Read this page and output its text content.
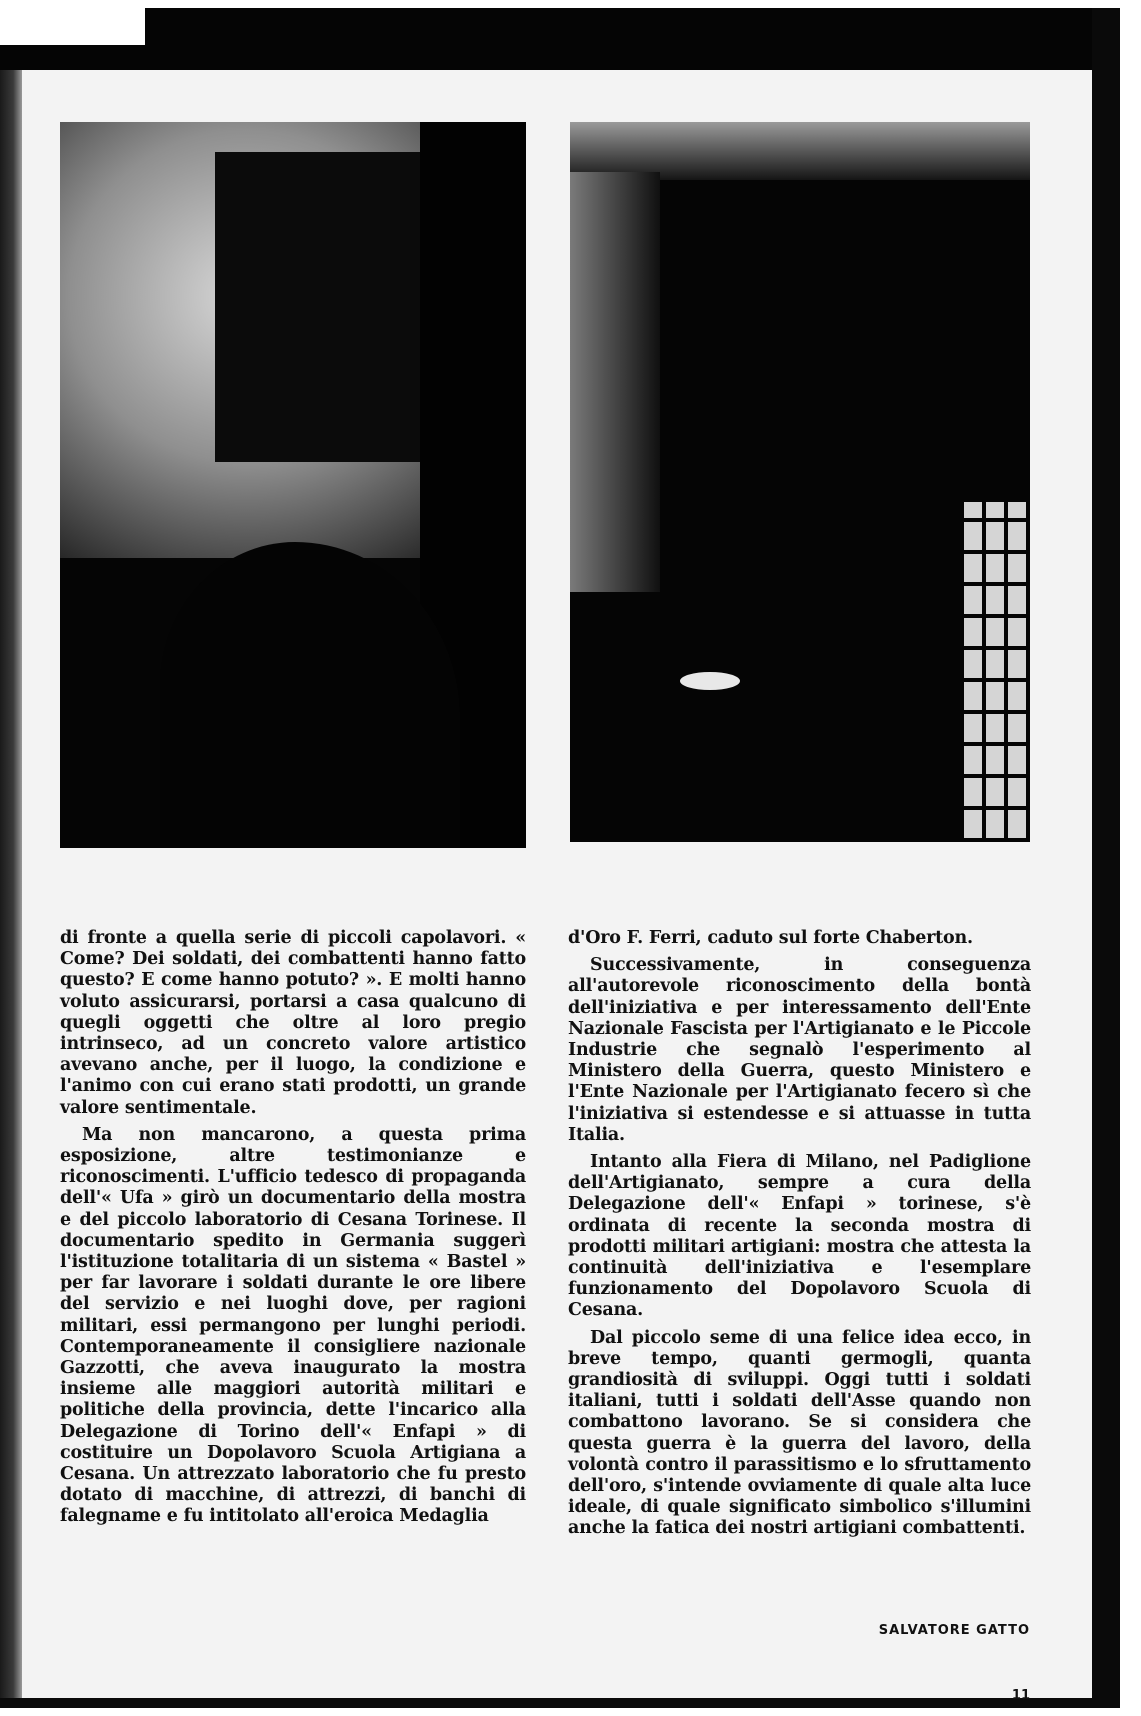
di fronte a quella serie di piccoli capolavori. « Come? Dei soldati, dei combattenti hanno fatto questo? E come hanno potuto? ». E molti hanno voluto assicurarsi, portarsi a casa qualcuno di quegli oggetti che oltre al loro pregio intrinseco, ad un concreto valore artistico avevano anche, per il luogo, la condizione e l'animo con cui erano stati prodotti, un grande valore sentimentale.

Ma non mancarono, a questa prima esposizione, altre testimonianze e riconoscimenti. L'ufficio tedesco di propaganda dell'« Ufa » girò un documentario della mostra e del piccolo laboratorio di Cesana Torinese. Il documentario spedito in Germania suggerì l'istituzione totalitaria di un sistema « Bastel » per far lavorare i soldati durante le ore libere del servizio e nei luoghi dove, per ragioni militari, essi permangono per lunghi periodi. Contemporaneamente il consigliere nazionale Gazzotti, che aveva inaugurato la mostra insieme alle maggiori autorità militari e politiche della provincia, dette l'incarico alla Delegazione di Torino dell'« Enfapi » di costituire un Dopolavoro Scuola Artigiana a Cesana. Un attrezzato laboratorio che fu presto dotato di macchine, di attrezzi, di banchi di falegname e fu intitolato all'eroica Medaglia

d'Oro F. Ferri, caduto sul forte Chaberton.

Successivamente, in conseguenza all'autorevole riconoscimento della bontà dell'iniziativa e per interessamento dell'Ente Nazionale Fascista per l'Artigianato e le Piccole Industrie che segnalò l'esperimento al Ministero della Guerra, questo Ministero e l'Ente Nazionale per l'Artigianato fecero sì che l'iniziativa si estendesse e si attuasse in tutta Italia.

Intanto alla Fiera di Milano, nel Padiglione dell'Artigianato, sempre a cura della Delegazione dell'« Enfapi » torinese, s'è ordinata di recente la seconda mostra di prodotti militari artigiani: mostra che attesta la continuità dell'iniziativa e l'esemplare funzionamento del Dopolavoro Scuola di Cesana.

Dal piccolo seme di una felice idea ecco, in breve tempo, quanti germogli, quanta grandiosità di sviluppi. Oggi tutti i soldati italiani, tutti i soldati dell'Asse quando non combattono lavorano. Se si considera che questa guerra è la guerra del lavoro, della volontà contro il parassitismo e lo sfruttamento dell'oro, s'intende ovviamente di quale alta luce ideale, di quale significato simbolico s'illumini anche la fatica dei nostri artigiani combattenti.

SALVATORE GATTO
11
